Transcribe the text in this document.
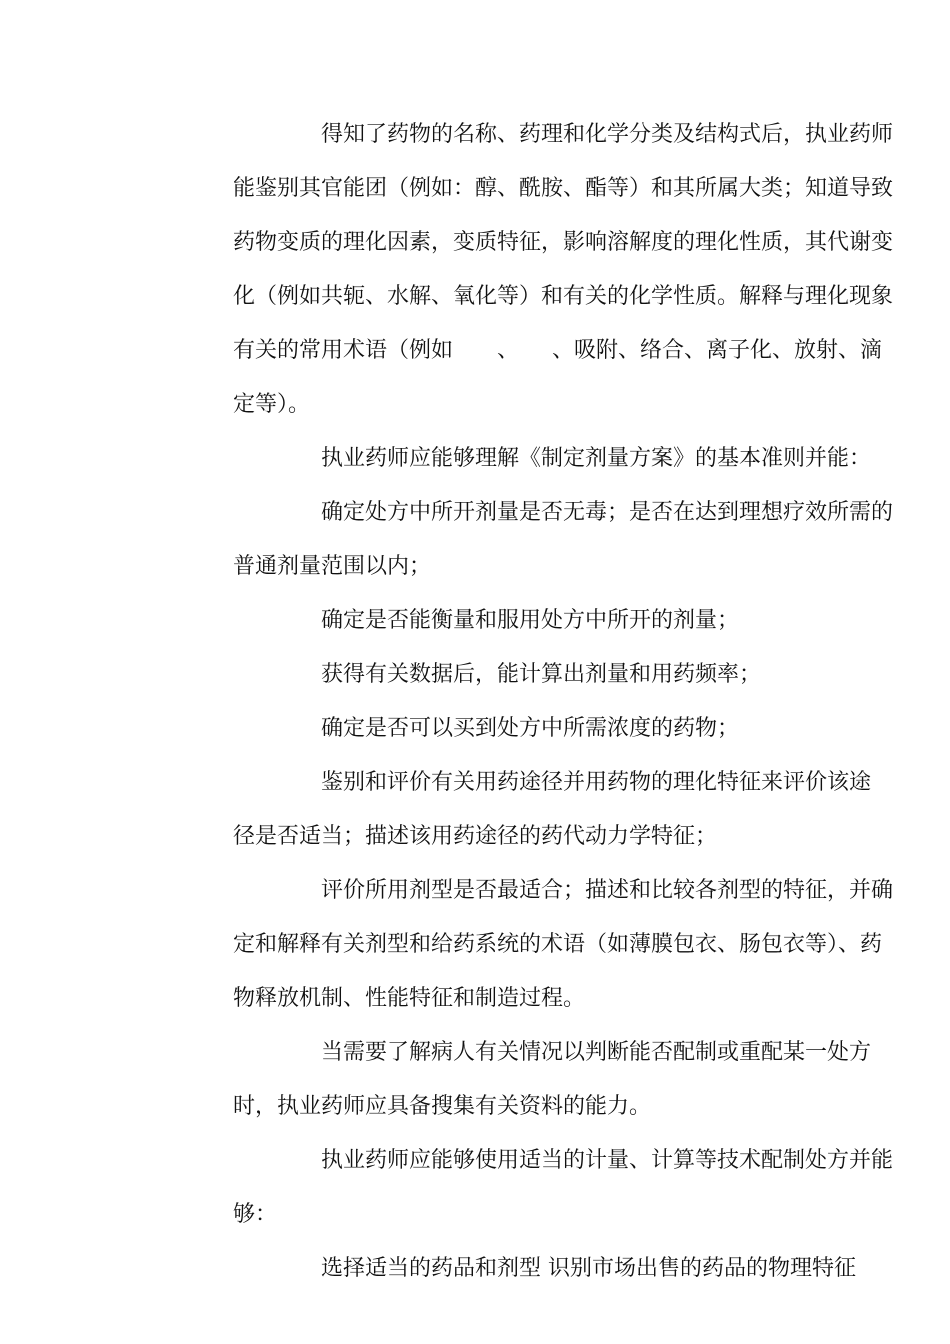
得知了药物的名称、药理和化学分类及结构式后，执业药师
能鉴别其官能团（例如：醇、酰胺、酯等）和其所属大类；知道导致
药物变质的理化因素，变质特征，影响溶解度的理化性质，其代谢变
化（例如共轭、水解、氧化等）和有关的化学性质。解释与理化现象
有关的常用术语（例如　　、　　、吸附、络合、离子化、放射、滴
定等）。
执业药师应能够理解《制定剂量方案》的基本准则并能：
确定处方中所开剂量是否无毒；是否在达到理想疗效所需的
普通剂量范围以内；
确定是否能衡量和服用处方中所开的剂量；
获得有关数据后，能计算出剂量和用药频率；
确定是否可以买到处方中所需浓度的药物；
鉴别和评价有关用药途径并用药物的理化特征来评价该途
径是否适当；描述该用药途径的药代动力学特征；
评价所用剂型是否最适合；描述和比较各剂型的特征，并确
定和解释有关剂型和给药系统的术语（如薄膜包衣、肠包衣等）、药
物释放机制、性能特征和制造过程。
当需要了解病人有关情况以判断能否配制或重配某一处方
时，执业药师应具备搜集有关资料的能力。
执业药师应能够使用适当的计量、计算等技术配制处方并能
够：
选择适当的药品和剂型 识别市场出售的药品的物理特征
